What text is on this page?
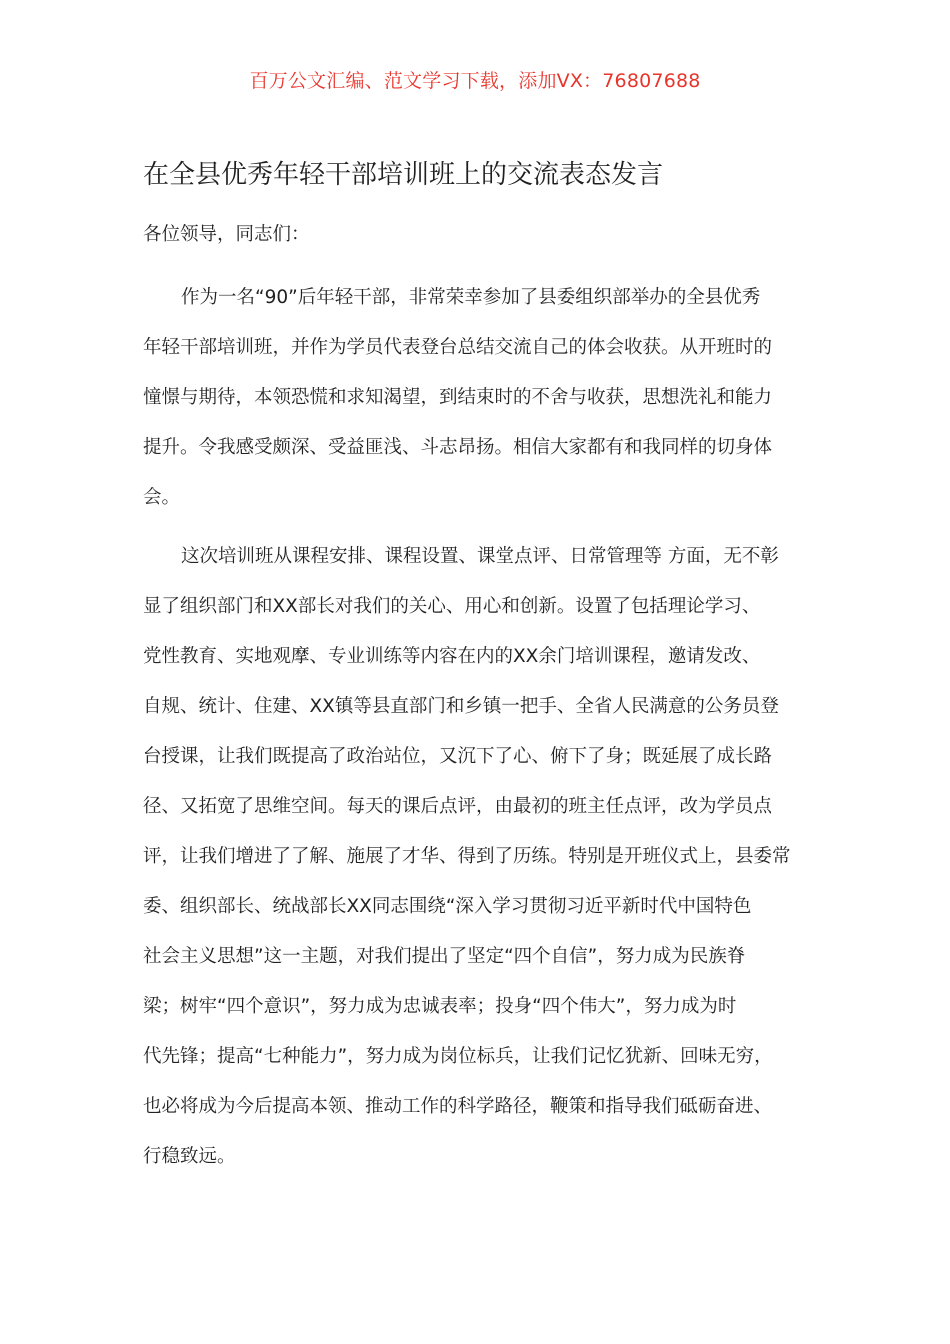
百万公文汇编、范文学习下载，添加VX：76807688
在全县优秀年轻干部培训班上的交流表态发言
各位领导，同志们：
作为一名“90”后年轻干部，非常荣幸参加了县委组织部举办的全县优秀
年轻干部培训班，并作为学员代表登台总结交流自己的体会收获。从开班时的
憧憬与期待，本领恐慌和求知渴望，到结束时的不舍与收获，思想洗礼和能力
提升。令我感受颇深、受益匪浅、斗志昂扬。相信大家都有和我同样的切身体
会。
这次培训班从课程安排、课程设置、课堂点评、日常管理等 方面，无不彰
显了组织部门和XX部长对我们的关心、用心和创新。设置了包括理论学习、
党性教育、实地观摩、专业训练等内容在内的XX余门培训课程，邀请发改、
自规、统计、住建、XX镇等县直部门和乡镇一把手、全省人民满意的公务员登
台授课，让我们既提高了政治站位，又沉下了心、俯下了身；既延展了成长路
径、又拓宽了思维空间。每天的课后点评，由最初的班主任点评，改为学员点
评，让我们增进了了解、施展了才华、得到了历练。特别是开班仪式上，县委常
委、组织部长、统战部长XX同志围绕“深入学习贯彻习近平新时代中国特色
社会主义思想”这一主题，对我们提出了坚定“四个自信”，努力成为民族脊
梁；树牢“四个意识”，努力成为忠诚表率；投身“四个伟大”，努力成为时
代先锋；提高“七种能力”，努力成为岗位标兵，让我们记忆犹新、回味无穷，
也必将成为今后提高本领、推动工作的科学路径，鞭策和指导我们砥砺奋进、
行稳致远。
